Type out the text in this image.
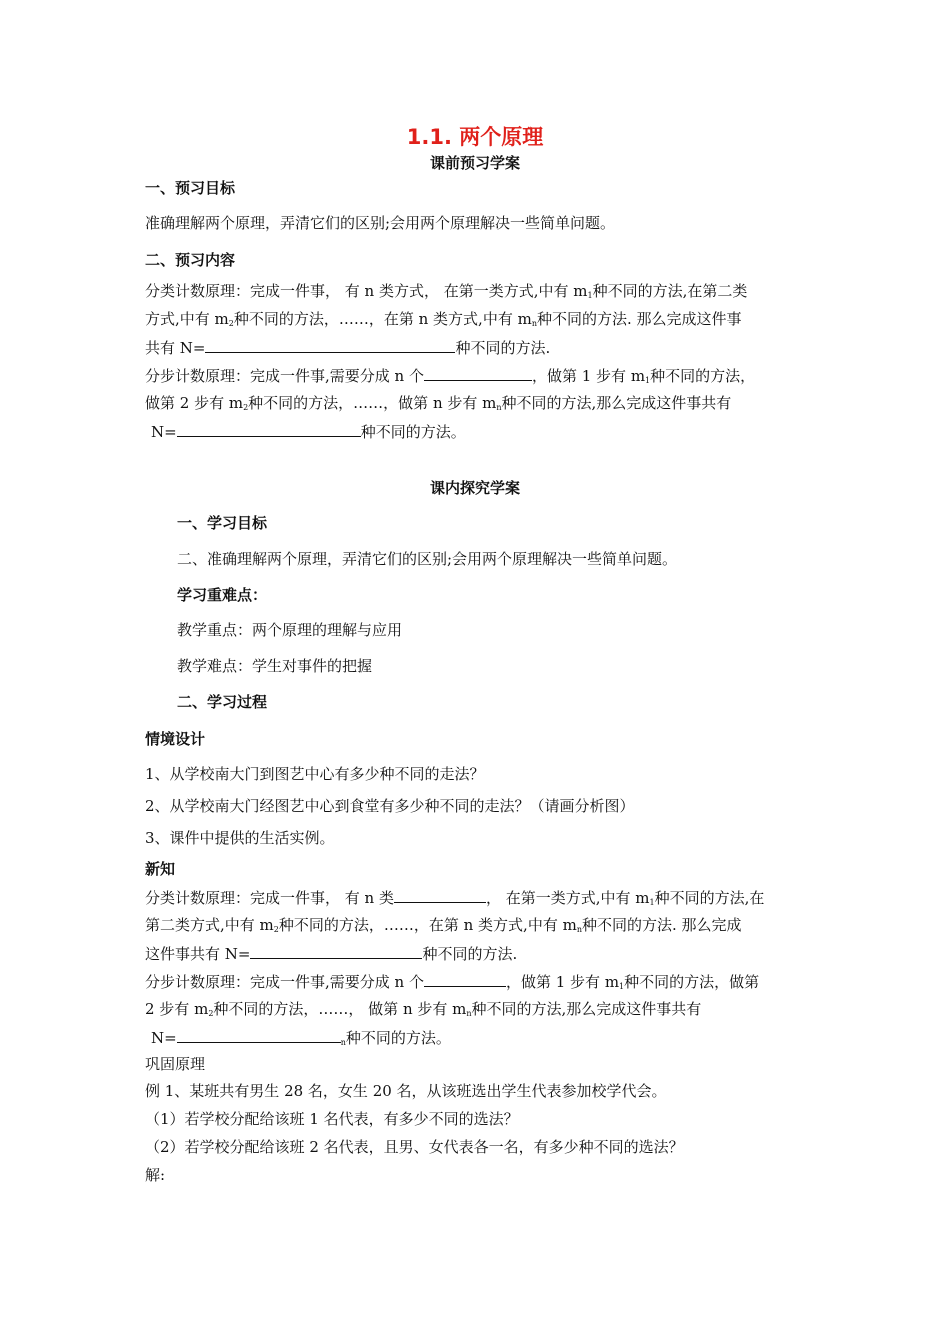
1.1. 两个原理
课前预习学案
一、预习目标
准确理解两个原理，弄清它们的区别;会用两个原理解决一些简单问题。
二、预习内容
分类计数原理：完成一件事， 有 n 类方式， 在第一类方式,中有 $m_1$种不同的方法,在第二类
方式,中有 $m_2$种不同的方法，……，在第 n 类方式,中有 $m_n$种不同的方法. 那么完成这件事
共有 N=	种不同的方法.
分步计数原理：完成一件事,需要分成 n 个	，做第 1 步有 $m_1$种不同的方法，
做第 2 步有 $m_2$种不同的方法，……，做第 n 步有 $m_n$种不同的方法,那么完成这件事共有
N=	种不同的方法。
课内探究学案
一、学习目标
二、准确理解两个原理，弄清它们的区别;会用两个原理解决一些简单问题。
学习重难点：
教学重点：两个原理的理解与应用
教学难点：学生对事件的把握
二、学习过程
情境设计
1、从学校南大门到图艺中心有多少种不同的走法？
2、从学校南大门经图艺中心到食堂有多少种不同的走法？（请画分析图）
3、课件中提供的生活实例。
新知
分类计数原理：完成一件事， 有 n 类	， 在第一类方式,中有 $m_1$种不同的方法,在
第二类方式,中有 $m_2$种不同的方法，……，在第 n 类方式,中有 $m_n$种不同的方法. 那么完成
这件事共有 N=	种不同的方法.
分步计数原理：完成一件事,需要分成 n 个	，做第 1 步有 $m_1$种不同的方法，做第
2 步有 $m_2$种不同的方法，……， 做第 n 步有 $m_n$种不同的方法,那么完成这件事共有
N=	$_n$种不同的方法。
巩固原理
例 1、某班共有男生 28 名，女生 20 名，从该班选出学生代表参加校学代会。
（1）若学校分配给该班 1 名代表，有多少不同的选法？
（2）若学校分配给该班 2 名代表，且男、女代表各一名，有多少种不同的选法？
解:
